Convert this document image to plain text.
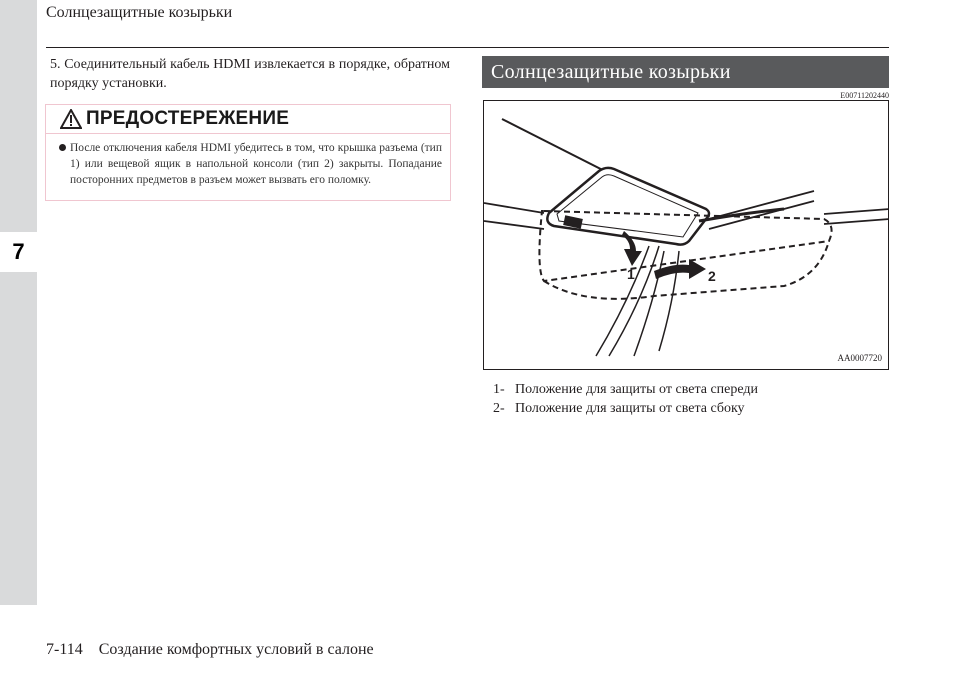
7
Солнцезащитные козырьки
5. Соединительный кабель HDMI извлекается в порядке, обратном порядку установки.
ПРЕДОСТЕРЕЖЕНИЕ
После отключения кабеля HDMI убедитесь в том, что крышка разъема (тип 1) или вещевой ящик в напольной консоли (тип 2) закрыты. Попадание посторонних предметов в разъем может вызвать его поломку.
Солнцезащитные козырьки
E00711202440
1	2
AA0007720
1- Положение для защиты от света спереди
2- Положение для защиты от света сбоку
7-114 Создание комфортных условий в салоне
